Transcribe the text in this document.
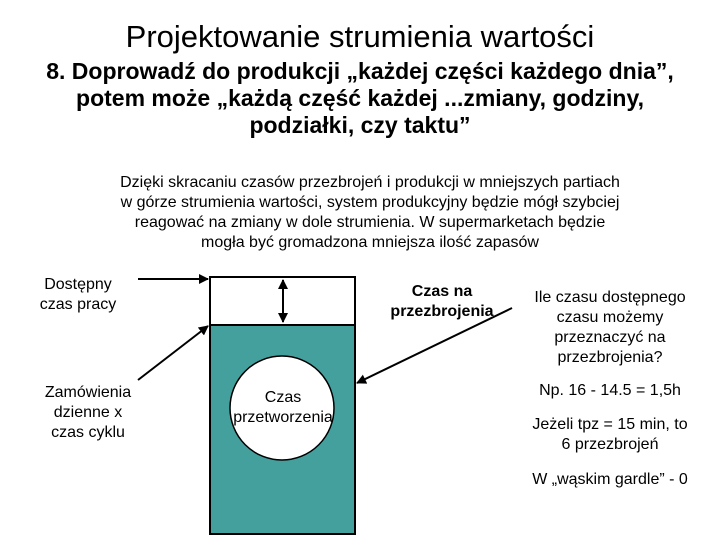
Projektowanie strumienia wartości
8. Doprowadź do produkcji „każdej części każdego dnia”,
potem może „każdą część każdej ...zmiany, godziny,
podziałki, czy taktu”
Dzięki skracaniu czasów przezbrojeń i produkcji w mniejszych partiach
w górze strumienia wartości, system produkcyjny będzie mógł szybciej
reagować na zmiany w dole strumienia. W supermarketach będzie
mogła być gromadzona mniejsza ilość zapasów
Dostępny
czas pracy
Zamówienia
dzienne x
czas cyklu
Czas
przetworzenia
Czas na
przezbrojenia
Ile czasu dostępnego
czasu możemy
przeznaczyć na
przezbrojenia?
Np. 16 - 14.5 = 1,5h
Jeżeli tpz = 15 min, to
6 przezbrojeń
W „wąskim gardle” - 0
